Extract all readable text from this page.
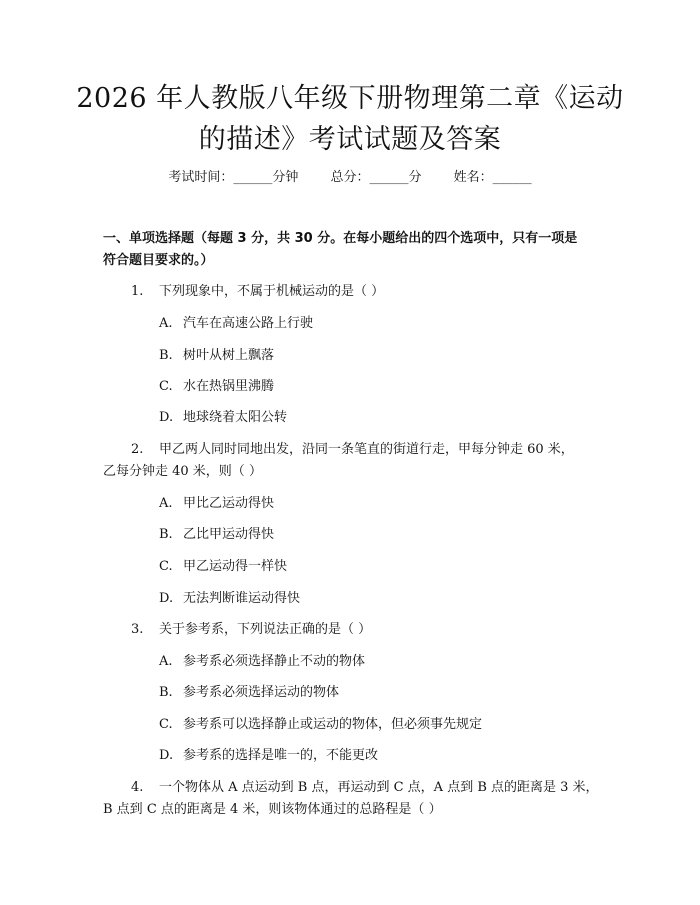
2026 年人教版八年级下册物理第二章《运动
的描述》考试试题及答案
考试时间：______分钟 总分：______分 姓名：______
一、单项选择题（每题 3 分，共 30 分。在每小题给出的四个选项中，只有一项是
符合题目要求的。）
1. 下列现象中，不属于机械运动的是（ ）
A. 汽车在高速公路上行驶
B. 树叶从树上飘落
C. 水在热锅里沸腾
D. 地球绕着太阳公转
2. 甲乙两人同时同地出发，沿同一条笔直的街道行走，甲每分钟走 60 米，
乙每分钟走 40 米，则（ ）
A. 甲比乙运动得快
B. 乙比甲运动得快
C. 甲乙运动得一样快
D. 无法判断谁运动得快
3. 关于参考系，下列说法正确的是（ ）
A. 参考系必须选择静止不动的物体
B. 参考系必须选择运动的物体
C. 参考系可以选择静止或运动的物体，但必须事先规定
D. 参考系的选择是唯一的，不能更改
4. 一个物体从 A 点运动到 B 点，再运动到 C 点，A 点到 B 点的距离是 3 米，
B 点到 C 点的距离是 4 米，则该物体通过的总路程是（ ）
